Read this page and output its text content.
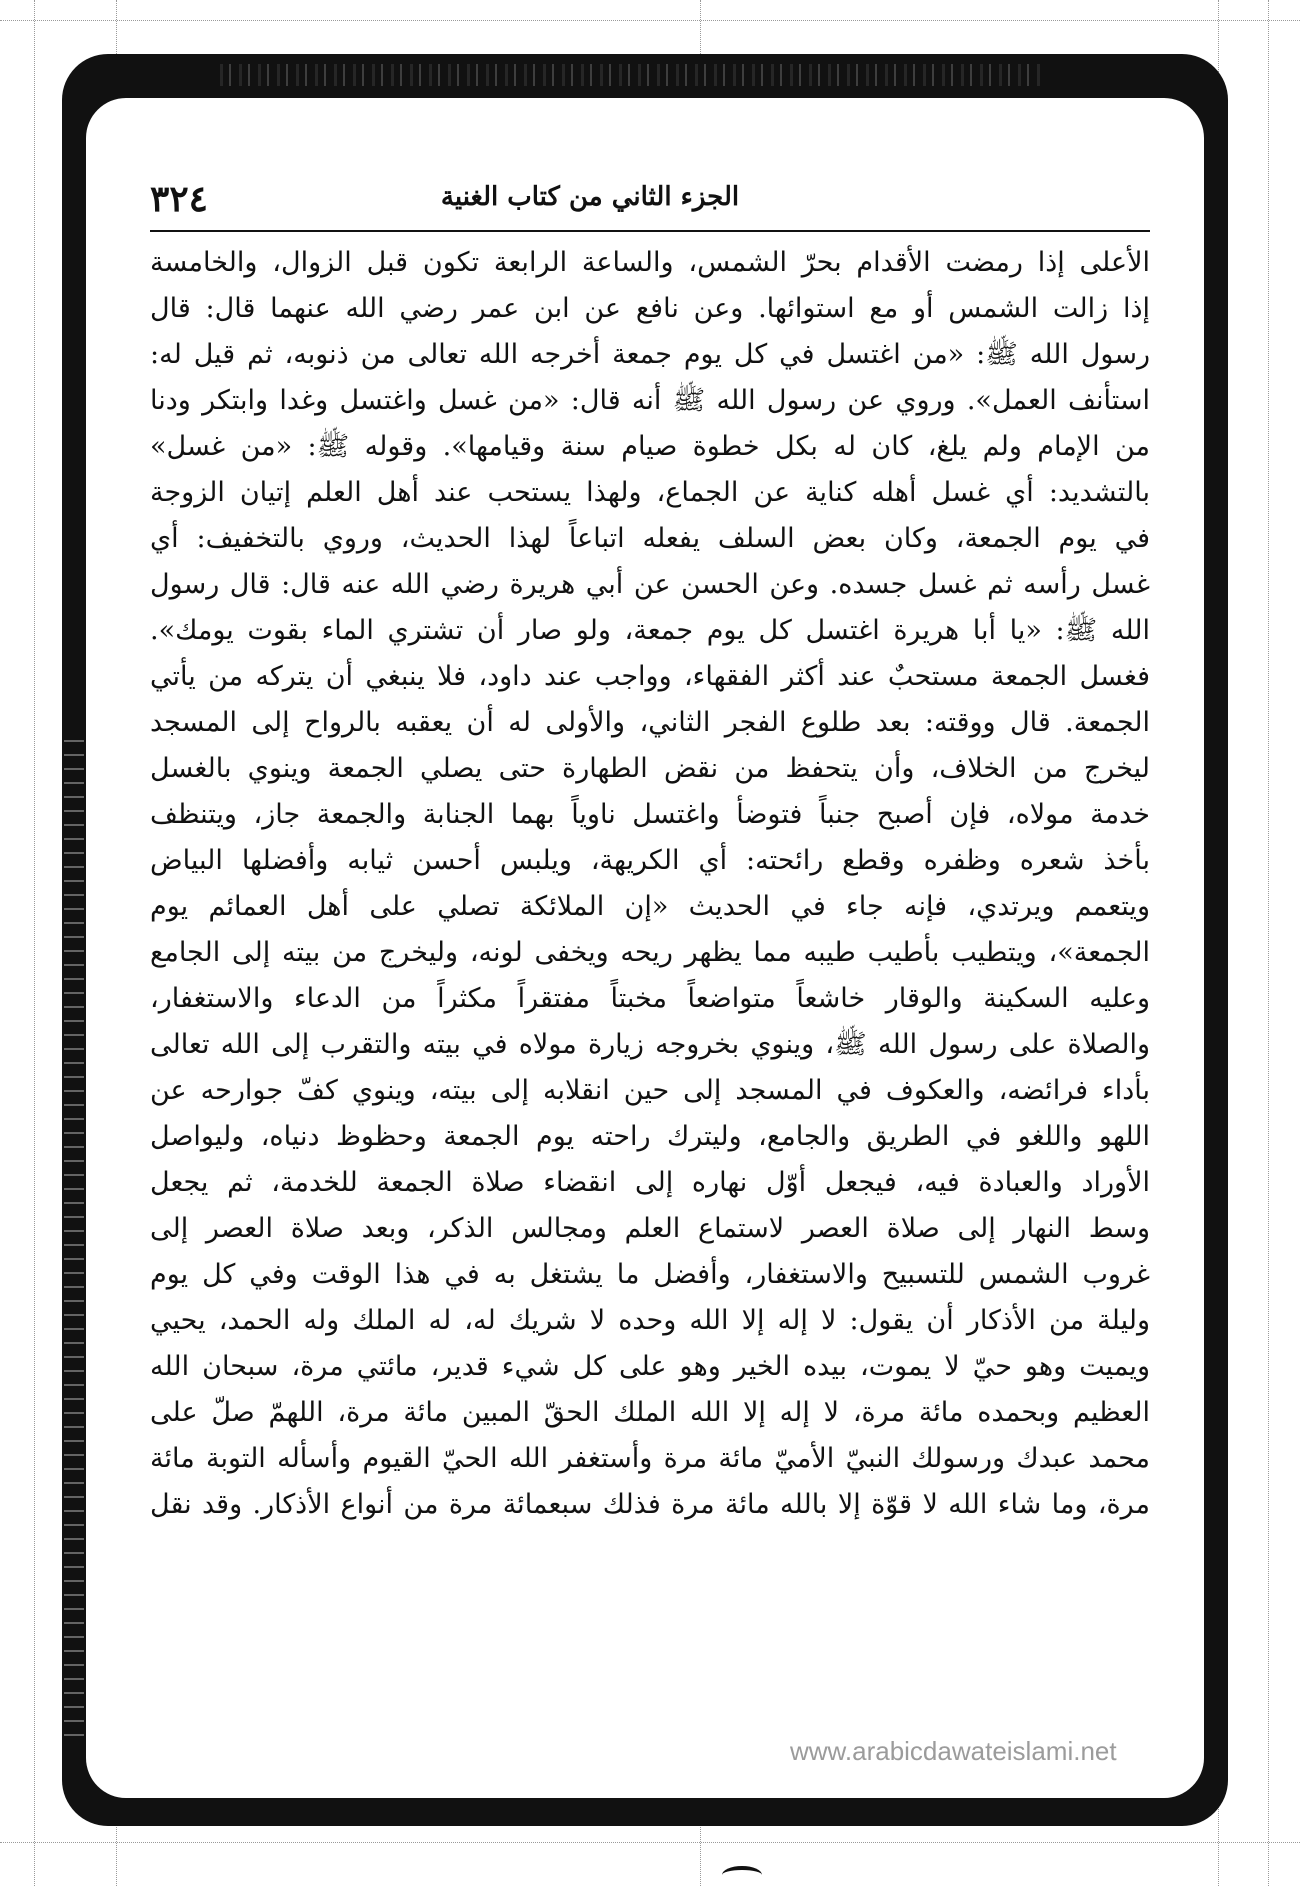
الجزء الثاني من كتاب الغنية
٣٢٤
الأعلى إذا رمضت الأقدام بحرّ الشمس، والساعة الرابعة تكون قبل الزوال، والخامسة
إذا زالت الشمس أو مع استوائها. وعن نافع عن ابن عمر رضي الله عنهما قال: قال
رسول الله ﷺ: «من اغتسل في كل يوم جمعة أخرجه الله تعالى من ذنوبه، ثم قيل له:
استأنف العمل». وروي عن رسول الله ﷺ أنه قال: «من غسل واغتسل وغدا وابتكر ودنا
من الإمام ولم يلغ، كان له بكل خطوة صيام سنة وقيامها». وقوله ﷺ: «من غسل»
بالتشديد: أي غسل أهله كناية عن الجماع، ولهذا يستحب عند أهل العلم إتيان الزوجة
في يوم الجمعة، وكان بعض السلف يفعله اتباعاً لهذا الحديث، وروي بالتخفيف: أي
غسل رأسه ثم غسل جسده. وعن الحسن عن أبي هريرة رضي الله عنه قال: قال رسول
الله ﷺ: «يا أبا هريرة اغتسل كل يوم جمعة، ولو صار أن تشتري الماء بقوت يومك».
فغسل الجمعة مستحبٌ عند أكثر الفقهاء، وواجب عند داود، فلا ينبغي أن يتركه من يأتي
الجمعة. قال ووقته: بعد طلوع الفجر الثاني، والأولى له أن يعقبه بالرواح إلى المسجد
ليخرج من الخلاف، وأن يتحفظ من نقض الطهارة حتى يصلي الجمعة وينوي بالغسل
خدمة مولاه، فإن أصبح جنباً فتوضأ واغتسل ناوياً بهما الجنابة والجمعة جاز، ويتنظف
بأخذ شعره وظفره وقطع رائحته: أي الكريهة، ويلبس أحسن ثيابه وأفضلها البياض
ويتعمم ويرتدي، فإنه جاء في الحديث «إن الملائكة تصلي على أهل العمائم يوم
الجمعة»، ويتطيب بأطيب طيبه مما يظهر ريحه ويخفى لونه، وليخرج من بيته إلى الجامع
وعليه السكينة والوقار خاشعاً متواضعاً مخبتاً مفتقراً مكثراً من الدعاء والاستغفار،
والصلاة على رسول الله ﷺ، وينوي بخروجه زيارة مولاه في بيته والتقرب إلى الله تعالى
بأداء فرائضه، والعكوف في المسجد إلى حين انقلابه إلى بيته، وينوي كفّ جوارحه عن
اللهو واللغو في الطريق والجامع، وليترك راحته يوم الجمعة وحظوظ دنياه، وليواصل
الأوراد والعبادة فيه، فيجعل أوّل نهاره إلى انقضاء صلاة الجمعة للخدمة، ثم يجعل
وسط النهار إلى صلاة العصر لاستماع العلم ومجالس الذكر، وبعد صلاة العصر إلى
غروب الشمس للتسبيح والاستغفار، وأفضل ما يشتغل به في هذا الوقت وفي كل يوم
وليلة من الأذكار أن يقول: لا إله إلا الله وحده لا شريك له، له الملك وله الحمد، يحيي
ويميت وهو حيّ لا يموت، بيده الخير وهو على كل شيء قدير، مائتي مرة، سبحان الله
العظيم وبحمده مائة مرة، لا إله إلا الله الملك الحقّ المبين مائة مرة، اللهمّ صلّ على
محمد عبدك ورسولك النبيّ الأميّ مائة مرة وأستغفر الله الحيّ القيوم وأسأله التوبة مائة
مرة، وما شاء الله لا قوّة إلا بالله مائة مرة فذلك سبعمائة مرة من أنواع الأذكار. وقد نقل
www.arabicdawateislami.net
